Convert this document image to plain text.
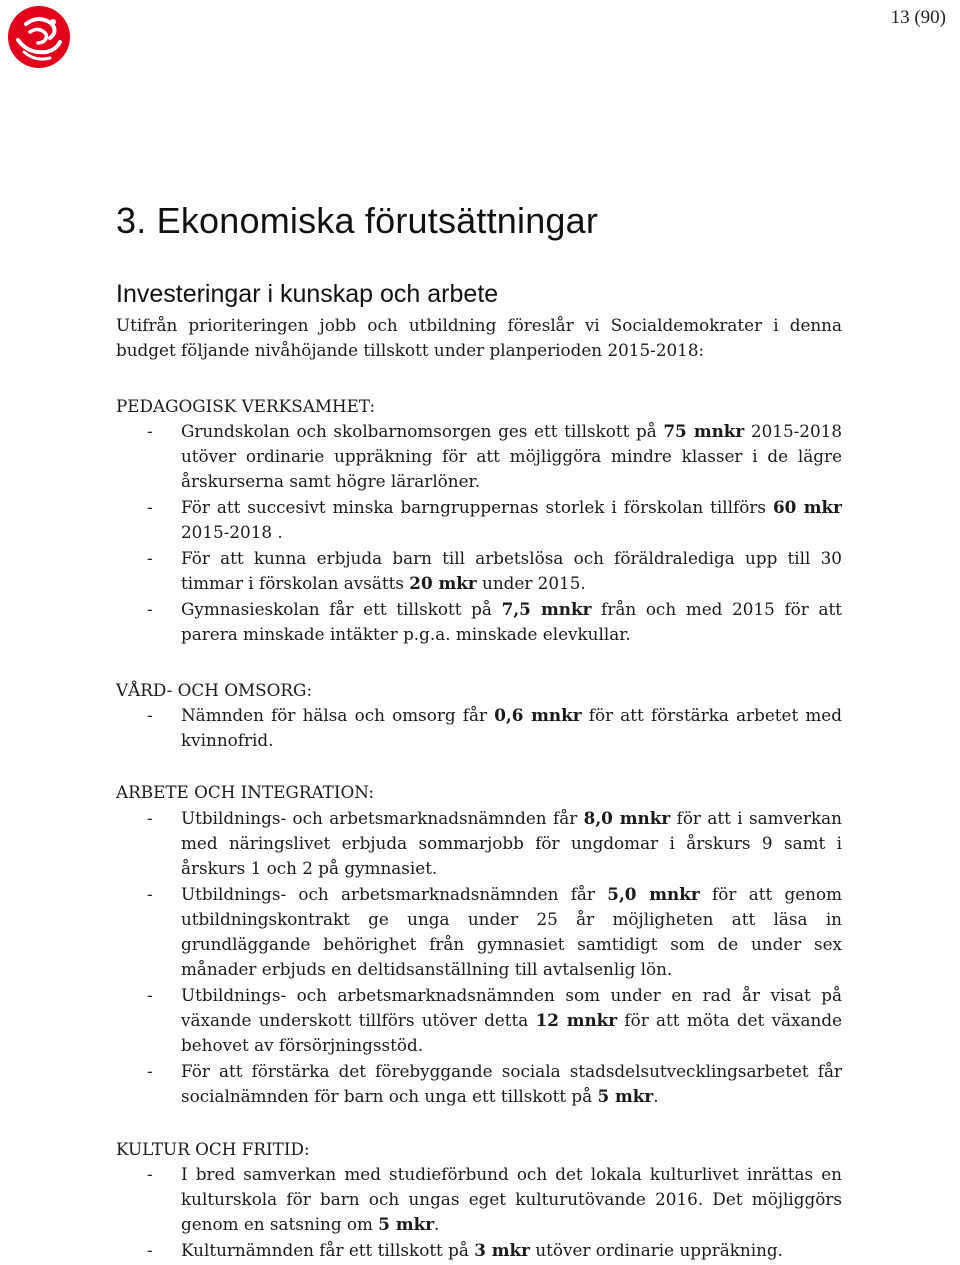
13 (90)
3. Ekonomiska förutsättningar
Investeringar i kunskap och arbete

Utifrån prioriteringen jobb och utbildning föreslår vi Socialdemokrater i denna budget följande nivåhöjande tillskott under planperioden 2015-2018:

PEDAGOGISK VERKSAMHET:
- Grundskolan och skolbarnomsorgen ges ett tillskott på 75 mnkr 2015-2018 utöver ordinarie uppräkning för att möjliggöra mindre klasser i de lägre årskurserna samt högre lärarlöner.
- För att succesivt minska barngruppernas storlek i förskolan tillförs 60 mkr 2015-2018 .
- För att kunna erbjuda barn till arbetslösa och föräldralediga upp till 30 timmar i förskolan avsätts 20 mkr under 2015.
- Gymnasieskolan får ett tillskott på 7,5 mnkr från och med 2015 för att parera minskade intäkter p.g.a. minskade elevkullar.
VÅRD- OCH OMSORG:
- Nämnden för hälsa och omsorg får 0,6 mnkr för att förstärka arbetet med kvinnofrid.
ARBETE OCH INTEGRATION:
- Utbildnings- och arbetsmarknadsnämnden får 8,0 mnkr för att i samverkan med näringslivet erbjuda sommarjobb för ungdomar i årskurs 9 samt i årskurs 1 och 2 på gymnasiet.
- Utbildnings- och arbetsmarknadsnämnden får 5,0 mnkr för att genom utbildningskontrakt ge unga under 25 år möjligheten att läsa in grundläggande behörighet från gymnasiet samtidigt som de under sex månader erbjuds en deltidsanställning till avtalsenlig lön.
- Utbildnings- och arbetsmarknadsnämnden som under en rad år visat på växande underskott tillförs utöver detta 12 mnkr för att möta det växande behovet av försörjningsstöd.
- För att förstärka det förebyggande sociala stadsdelsutvecklingsarbetet får socialnämnden för barn och unga ett tillskott på 5 mkr.
KULTUR OCH FRITID:
- I bred samverkan med studieförbund och det lokala kulturlivet inrättas en kulturskola för barn och ungas eget kulturutövande 2016. Det möjliggörs genom en satsning om 5 mkr.
- Kulturnämnden får ett tillskott på 3 mkr utöver ordinarie uppräkning.
